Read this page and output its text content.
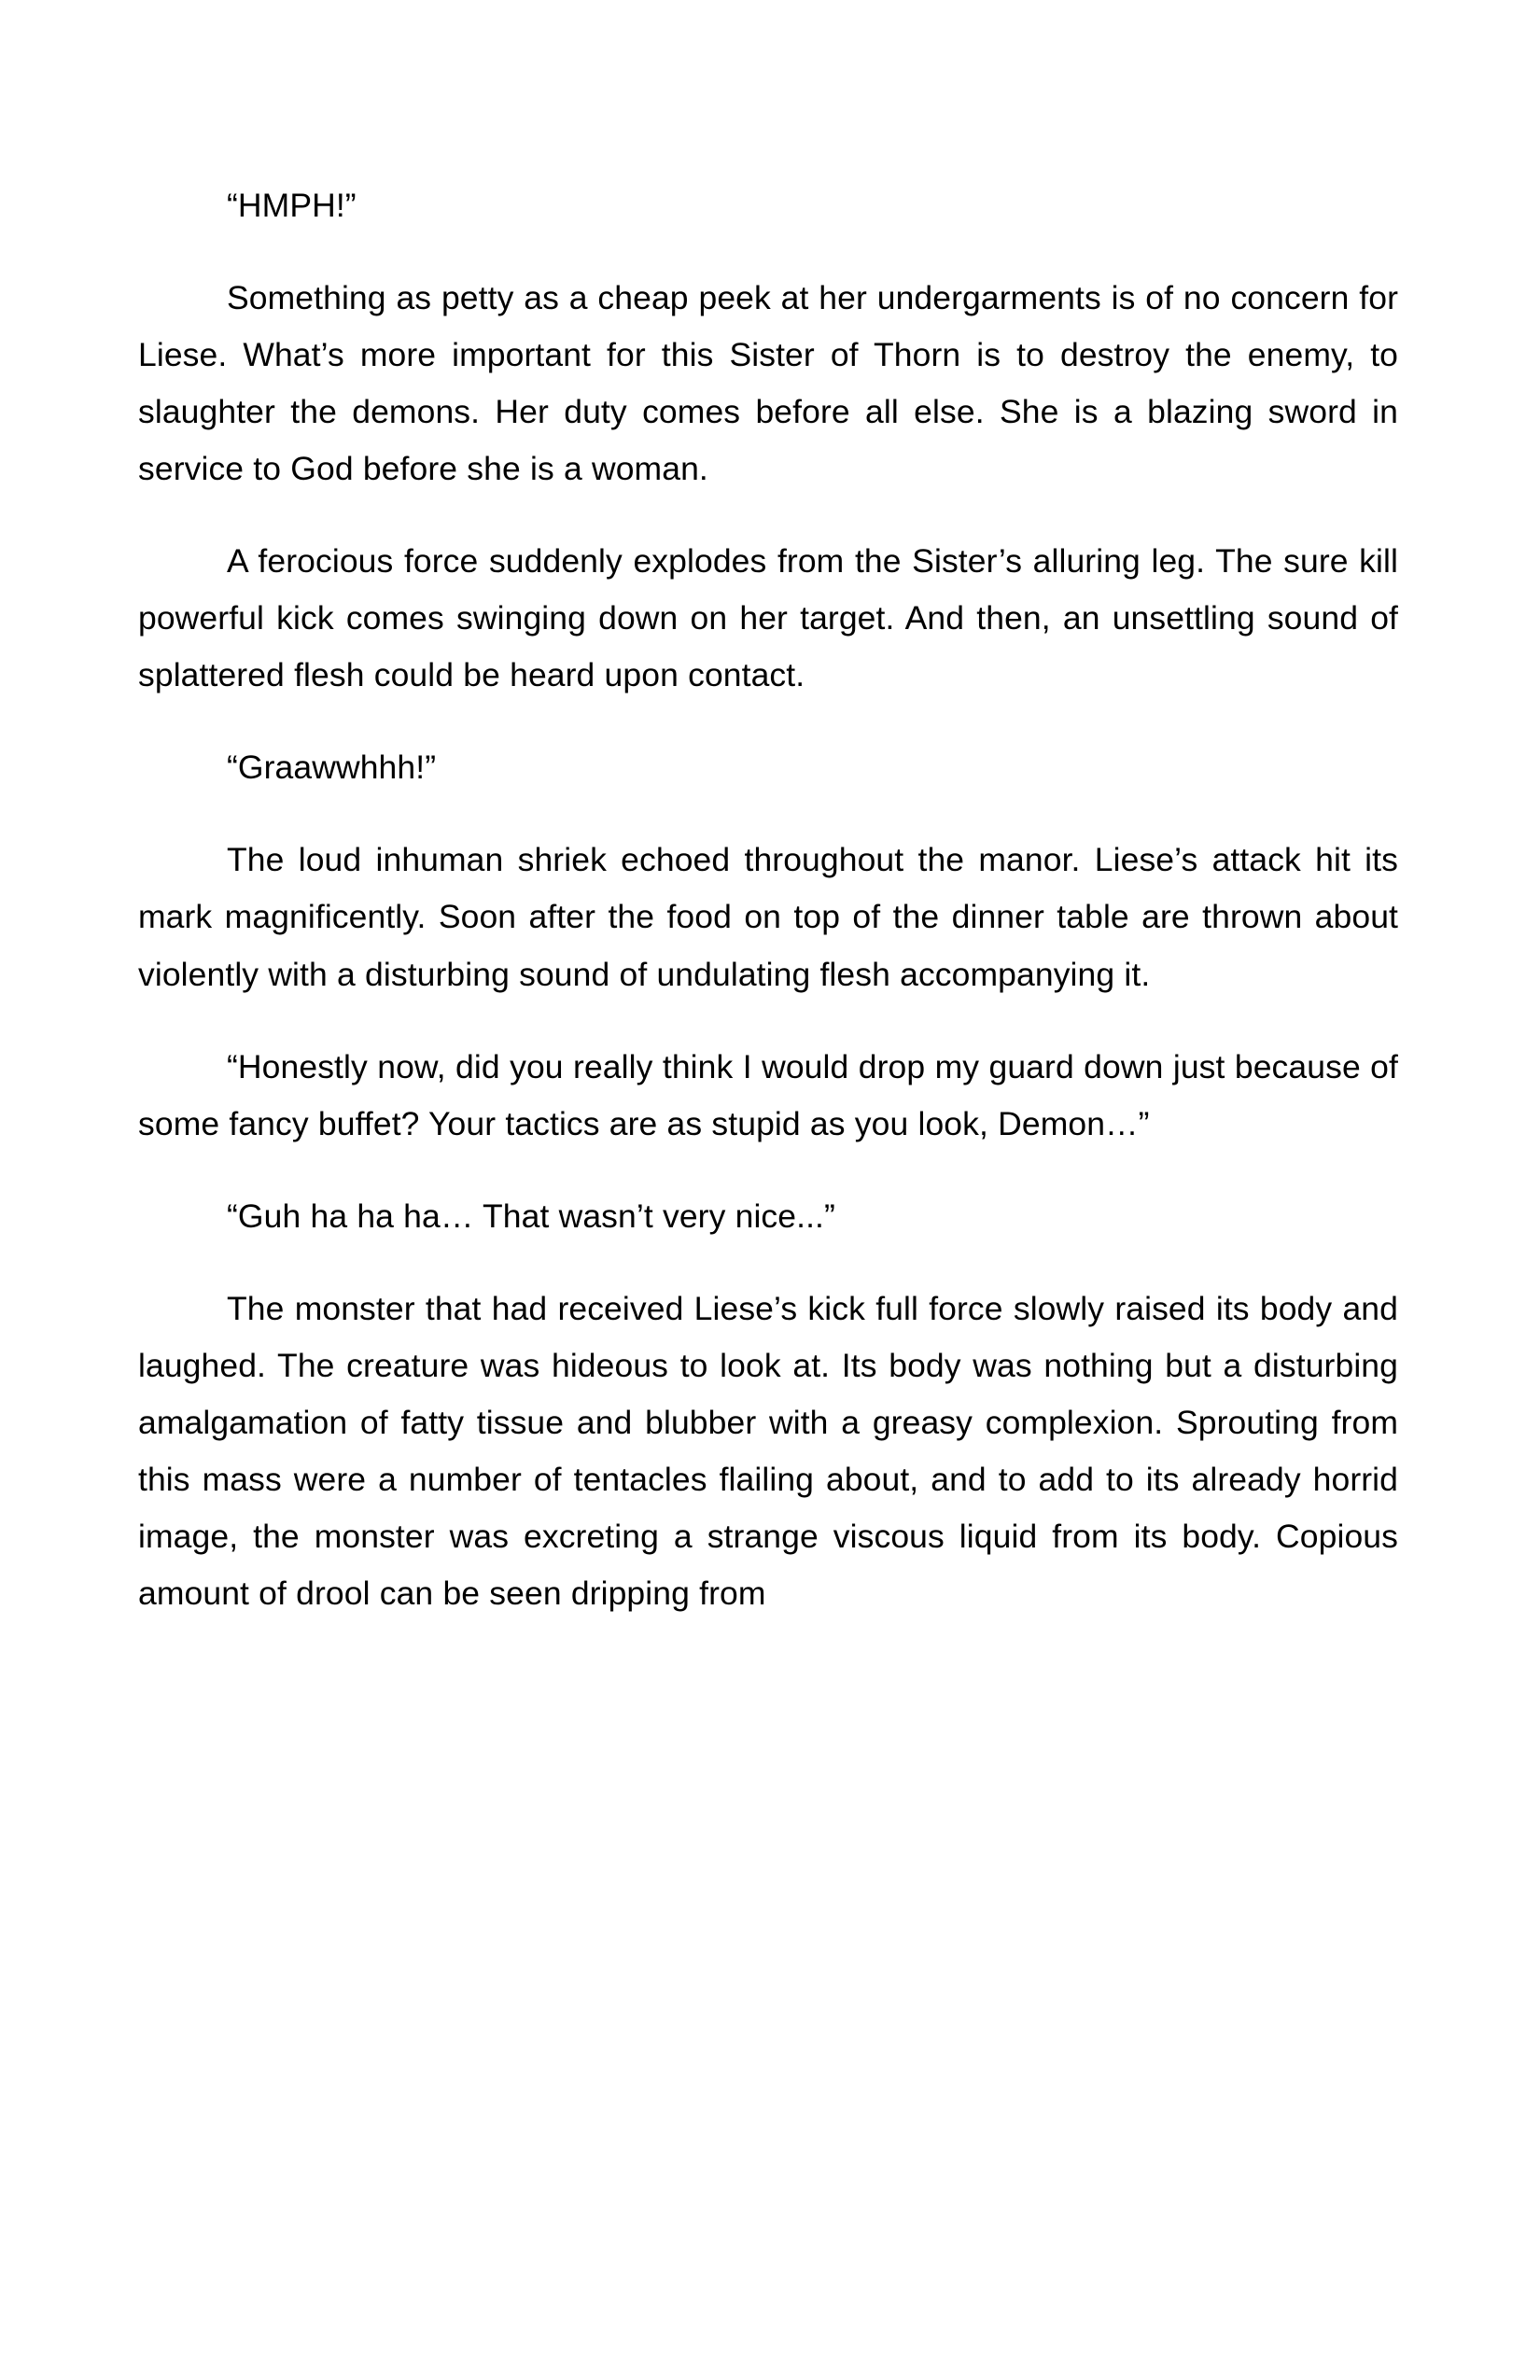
“HMPH!”

Something as petty as a cheap peek at her undergarments is of no concern for Liese. What’s more important for this Sister of Thorn is to destroy the enemy, to slaughter the demons. Her duty comes before all else. She is a blazing sword in service to God before she is a woman.

A ferocious force suddenly explodes from the Sister’s alluring leg. The sure kill powerful kick comes swinging down on her target. And then, an unsettling sound of splattered flesh could be heard upon contact.

“Graawwhhh!”

The loud inhuman shriek echoed throughout the manor. Liese’s attack hit its mark magnificently. Soon after the food on top of the dinner table are thrown about violently with a disturbing sound of undulating flesh accompanying it.

“Honestly now, did you really think I would drop my guard down just because of some fancy buffet? Your tactics are as stupid as you look, Demon…”

“Guh ha ha ha… That wasn’t very nice...”

The monster that had received Liese’s kick full force slowly raised its body and laughed. The creature was hideous to look at. Its body was nothing but a disturbing amalgamation of fatty tissue and blubber with a greasy complexion. Sprouting from this mass were a number of tentacles flailing about, and to add to its already horrid image, the monster was excreting a strange viscous liquid from its body. Copious amount of drool can be seen dripping from
